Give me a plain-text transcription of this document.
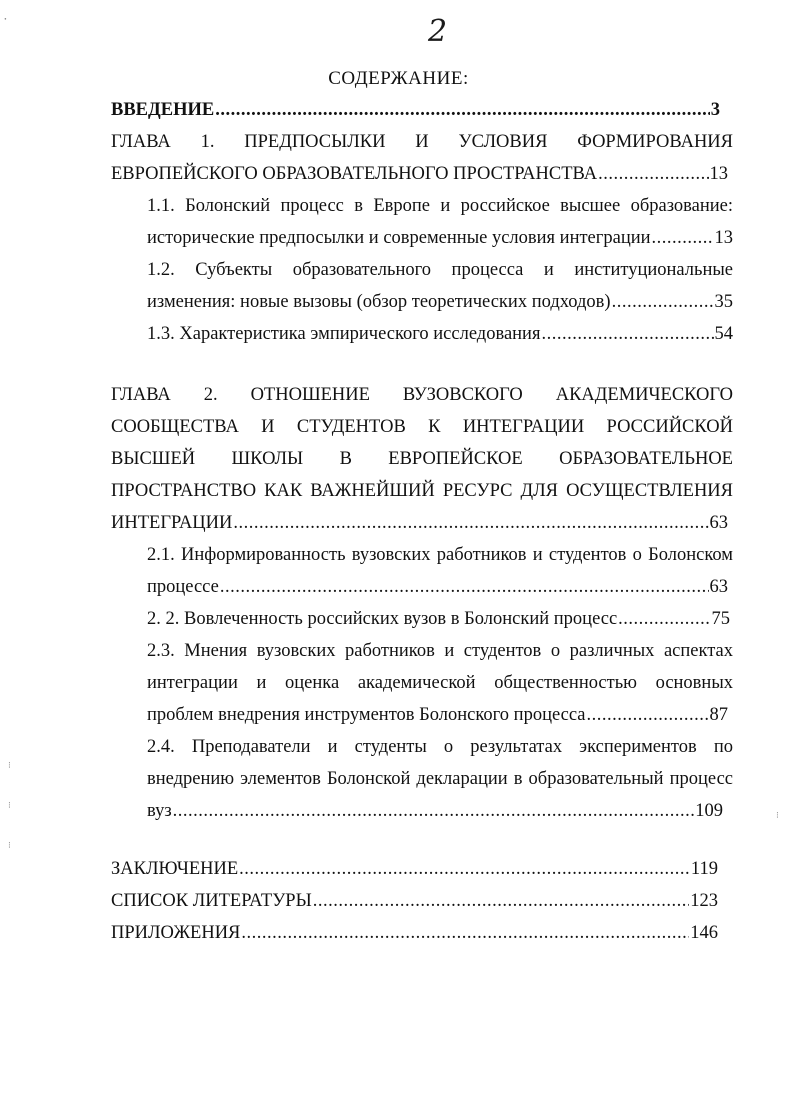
2
СОДЕРЖАНИЕ:
ВВЕДЕНИЕ .....	3
ГЛАВА 1. ПРЕДПОСЫЛКИ И УСЛОВИЯ ФОРМИРОВАНИЯ
ЕВРОПЕЙСКОГО ОБРАЗОВАТЕЛЬНОГО ПРОСТРАНСТВА .....	13
1.1. Болонский процесс в Европе и российское высшее образование:
исторические предпосылки и современные условия интеграции .....	13
1.2. Субъекты образовательного процесса и институциональные
изменения: новые вызовы (обзор теоретических подходов) .....	35
1.3. Характеристика эмпирического исследования .....	54
ГЛАВА 2. ОТНОШЕНИЕ ВУЗОВСКОГО АКАДЕМИЧЕСКОГО
СООБЩЕСТВА И СТУДЕНТОВ К ИНТЕГРАЦИИ РОССИЙСКОЙ
ВЫСШЕЙ ШКОЛЫ В ЕВРОПЕЙСКОЕ ОБРАЗОВАТЕЛЬНОЕ
ПРОСТРАНСТВО КАК ВАЖНЕЙШИЙ РЕСУРС ДЛЯ ОСУЩЕСТВЛЕНИЯ
ИНТЕГРАЦИИ .....	63
2.1. Информированность вузовских работников и студентов о Болонском
процессе .....	63
2. 2. Вовлеченность российских вузов в Болонский процесс .....	75
2.3. Мнения вузовских работников и студентов о различных аспектах
интеграции и оценка академической общественностью основных
проблем внедрения инструментов Болонского процесса .....	87
2.4. Преподаватели и студенты о результатах экспериментов по
внедрению элементов Болонской декларации в образовательный процесс
вуз .....	109
ЗАКЛЮЧЕНИЕ .....	119
СПИСОК ЛИТЕРАТУРЫ .....	123
ПРИЛОЖЕНИЯ .....	146
ꞏ
⁝
⁝
⁝
⁝
